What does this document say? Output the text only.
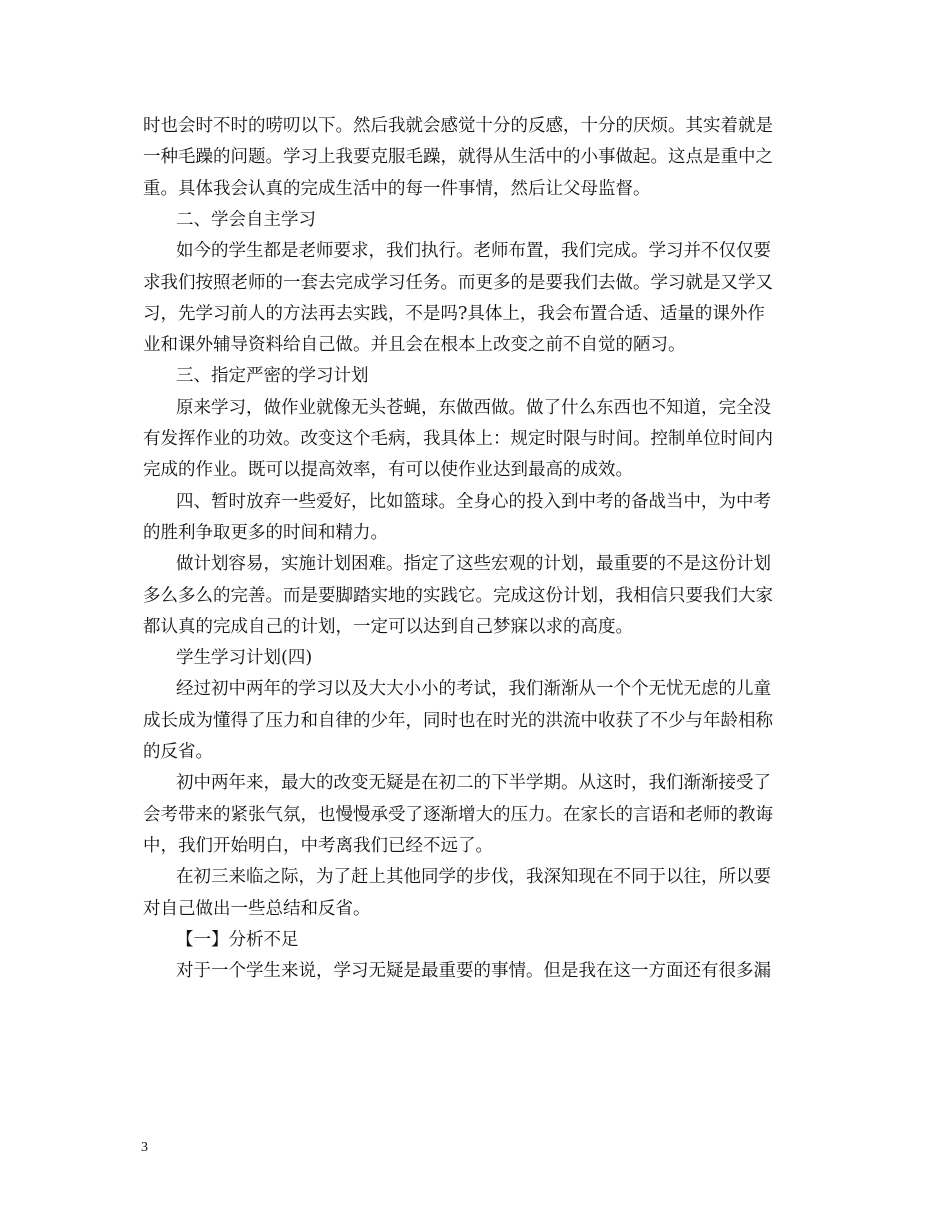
时也会时不时的唠叨以下。然后我就会感觉十分的反感，十分的厌烦。其实着就是
一种毛躁的问题。学习上我要克服毛躁，就得从生活中的小事做起。这点是重中之
重。具体我会认真的完成生活中的每一件事情，然后让父母监督。
二、学会自主学习
如今的学生都是老师要求，我们执行。老师布置，我们完成。学习并不仅仅要
求我们按照老师的一套去完成学习任务。而更多的是要我们去做。学习就是又学又
习，先学习前人的方法再去实践，不是吗?具体上，我会布置合适、适量的课外作
业和课外辅导资料给自己做。并且会在根本上改变之前不自觉的陋习。
三、指定严密的学习计划
原来学习，做作业就像无头苍蝇，东做西做。做了什么东西也不知道，完全没
有发挥作业的功效。改变这个毛病，我具体上：规定时限与时间。控制单位时间内
完成的作业。既可以提高效率，有可以使作业达到最高的成效。
四、暂时放弃一些爱好，比如篮球。全身心的投入到中考的备战当中，为中考
的胜利争取更多的时间和精力。
做计划容易，实施计划困难。指定了这些宏观的计划，最重要的不是这份计划
多么多么的完善。而是要脚踏实地的实践它。完成这份计划，我相信只要我们大家
都认真的完成自己的计划，一定可以达到自己梦寐以求的高度。
学生学习计划(四)
经过初中两年的学习以及大大小小的考试，我们渐渐从一个个无忧无虑的儿童
成长成为懂得了压力和自律的少年，同时也在时光的洪流中收获了不少与年龄相称
的反省。
初中两年来，最大的改变无疑是在初二的下半学期。从这时，我们渐渐接受了
会考带来的紧张气氛，也慢慢承受了逐渐增大的压力。在家长的言语和老师的教诲
中，我们开始明白，中考离我们已经不远了。
在初三来临之际，为了赶上其他同学的步伐，我深知现在不同于以往，所以要
对自己做出一些总结和反省。
【一】分析不足
对于一个学生来说，学习无疑是最重要的事情。但是我在这一方面还有很多漏
3
